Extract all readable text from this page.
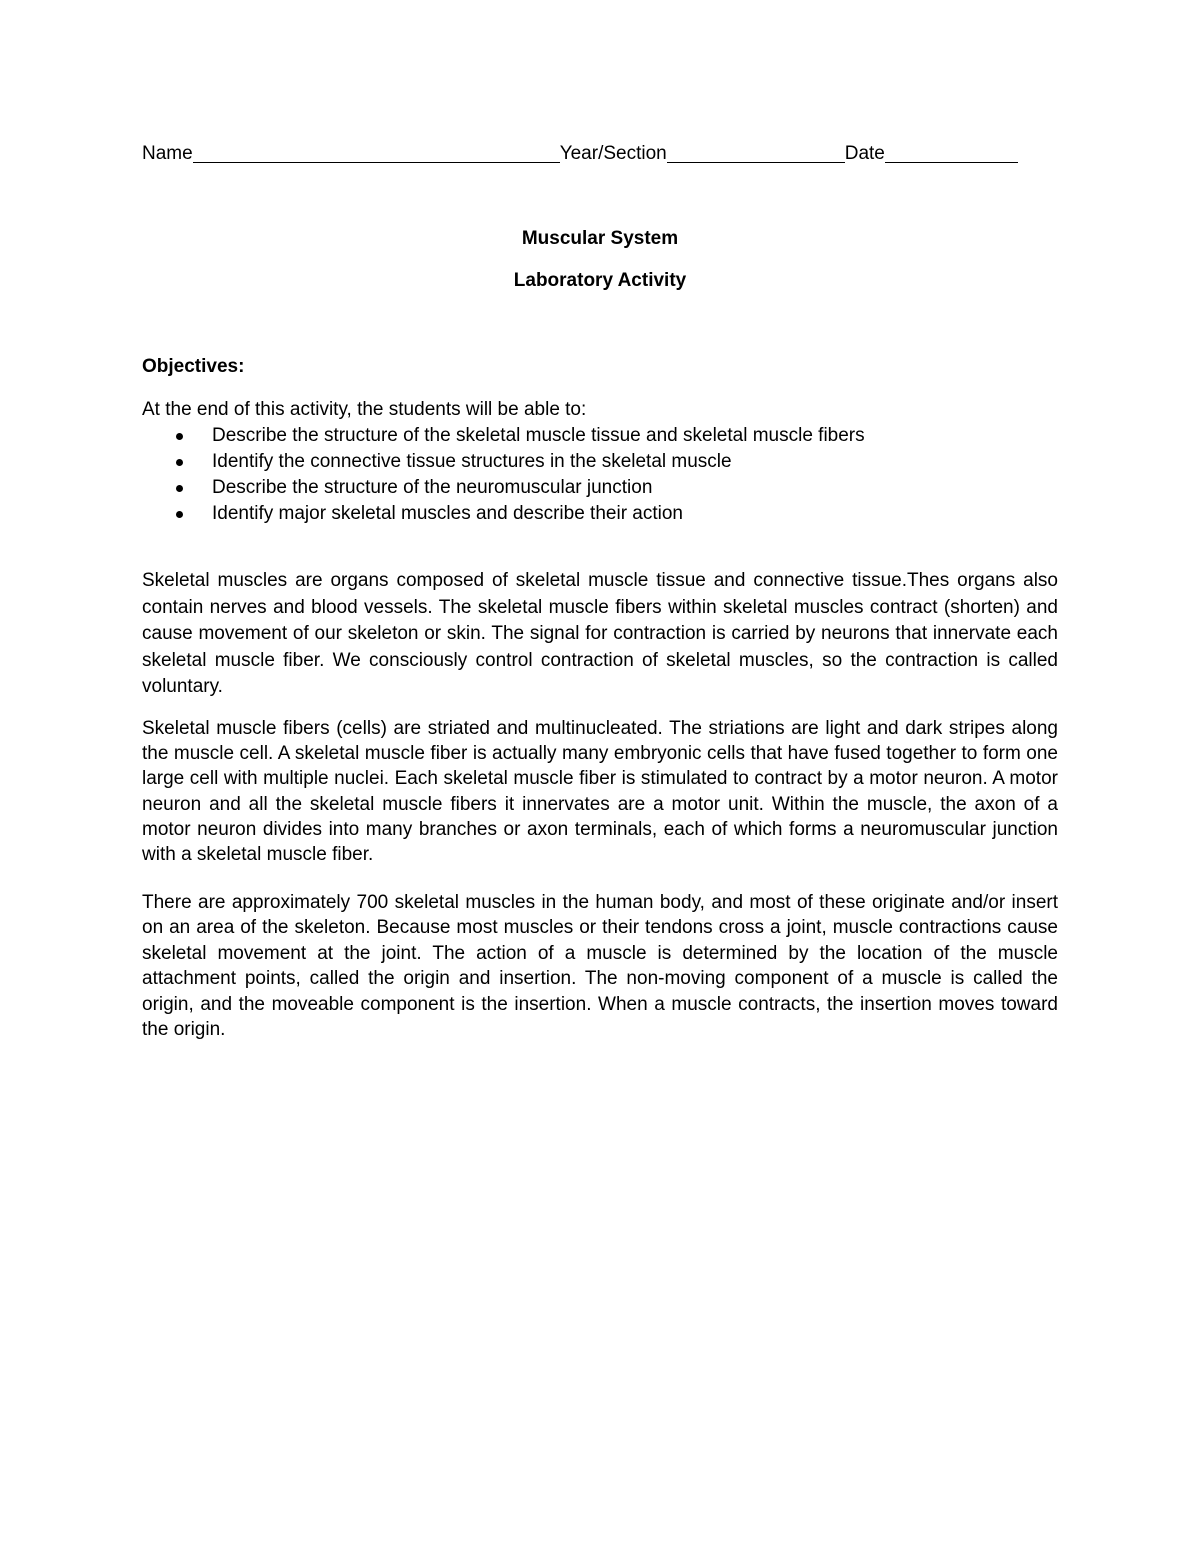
Name	Year/Section	Date
Muscular System
Laboratory Activity
Objectives:
At the end of this activity, the students will be able to:
Describe the structure of the skeletal muscle tissue and skeletal muscle fibers
Identify the connective tissue structures in the skeletal muscle
Describe the structure of the neuromuscular junction
Identify major skeletal muscles and describe their action

Skeletal muscles are organs composed of skeletal muscle tissue and connective tissue.Thes organs also contain nerves and blood vessels. The skeletal muscle fibers within skeletal muscles contract (shorten) and cause movement of our skeleton or skin. The signal for contraction is carried by neurons that innervate each skeletal muscle fiber. We consciously control contraction of skeletal muscles, so the contraction is called voluntary.

Skeletal muscle fibers (cells) are striated and multinucleated. The striations are light and dark stripes along the muscle cell. A skeletal muscle fiber is actually many embryonic cells that have fused together to form one large cell with multiple nuclei. Each skeletal muscle fiber is stimulated to contract by a motor neuron. A motor neuron and all the skeletal muscle fibers it innervates are a motor unit. Within the muscle, the axon of a motor neuron divides into many branches or axon terminals, each of which forms a neuromuscular junction with a skeletal muscle fiber.

There are approximately 700 skeletal muscles in the human body, and most of these originate and/or insert on an area of the skeleton. Because most muscles or their tendons cross a joint, muscle contractions cause skeletal movement at the joint. The action of a muscle is determined by the location of the muscle attachment points, called the origin and insertion. The non-moving component of a muscle is called the origin, and the moveable component is the insertion. When a muscle contracts, the insertion moves toward the origin.
